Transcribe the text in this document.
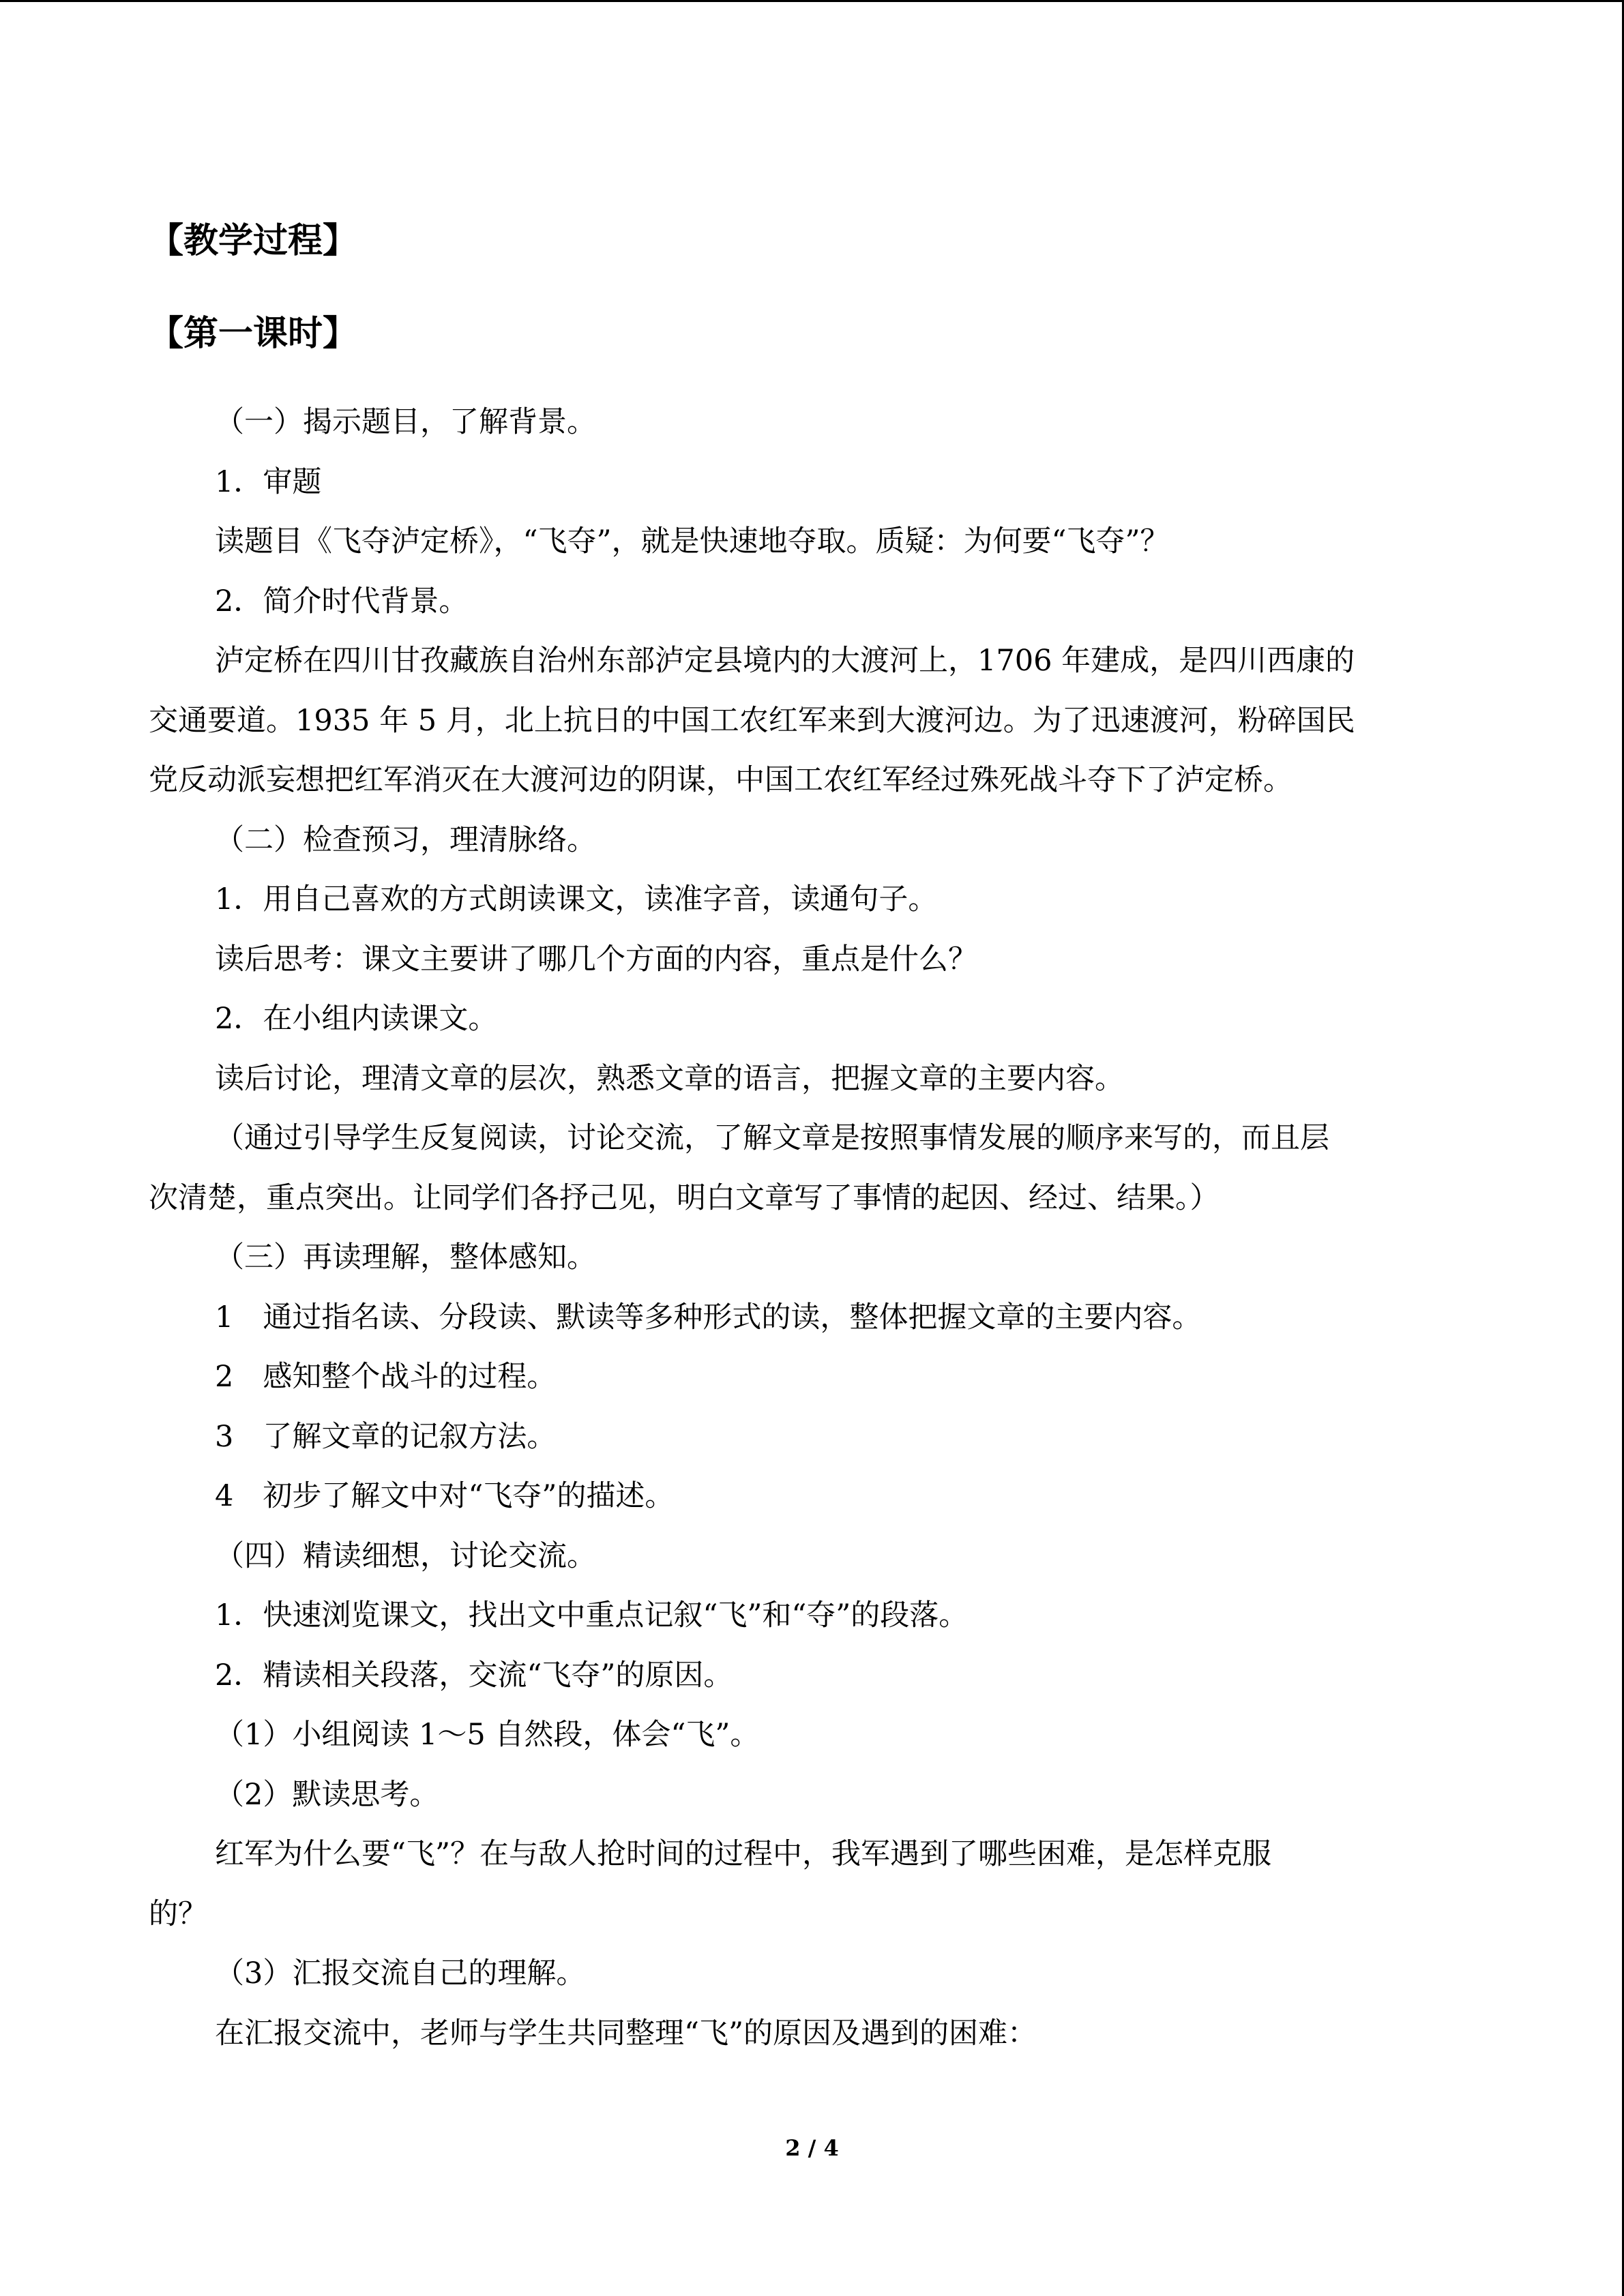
【教学过程】
【第一课时】
（一）揭示题目，了解背景。
1．审题
读题目《飞夺泸定桥》，“飞夺”，就是快速地夺取。质疑：为何要“飞夺”？
2．简介时代背景。
泸定桥在四川甘孜藏族自治州东部泸定县境内的大渡河上，1706 年建成，是四川西康的
交通要道。1935 年 5 月，北上抗日的中国工农红军来到大渡河边。为了迅速渡河，粉碎国民
党反动派妄想把红军消灭在大渡河边的阴谋，中国工农红军经过殊死战斗夺下了泸定桥。
（二）检查预习，理清脉络。
1．用自己喜欢的方式朗读课文，读准字音，读通句子。
读后思考：课文主要讲了哪几个方面的内容，重点是什么？
2．在小组内读课文。
读后讨论，理清文章的层次，熟悉文章的语言，把握文章的主要内容。
（通过引导学生反复阅读，讨论交流，了解文章是按照事情发展的顺序来写的，而且层
次清楚，重点突出。让同学们各抒己见，明白文章写了事情的起因、经过、结果。）
（三）再读理解，整体感知。
1　通过指名读、分段读、默读等多种形式的读，整体把握文章的主要内容。
2　感知整个战斗的过程。
3　了解文章的记叙方法。
4　初步了解文中对“飞夺”的描述。
（四）精读细想，讨论交流。
1．快速浏览课文，找出文中重点记叙“飞”和“夺”的段落。
2．精读相关段落，交流“飞夺”的原因。
（1）小组阅读 1～5 自然段，体会“飞”。
（2）默读思考。
红军为什么要“飞”？在与敌人抢时间的过程中，我军遇到了哪些困难，是怎样克服
的？
（3）汇报交流自己的理解。
在汇报交流中，老师与学生共同整理“飞”的原因及遇到的困难：
2 / 4
